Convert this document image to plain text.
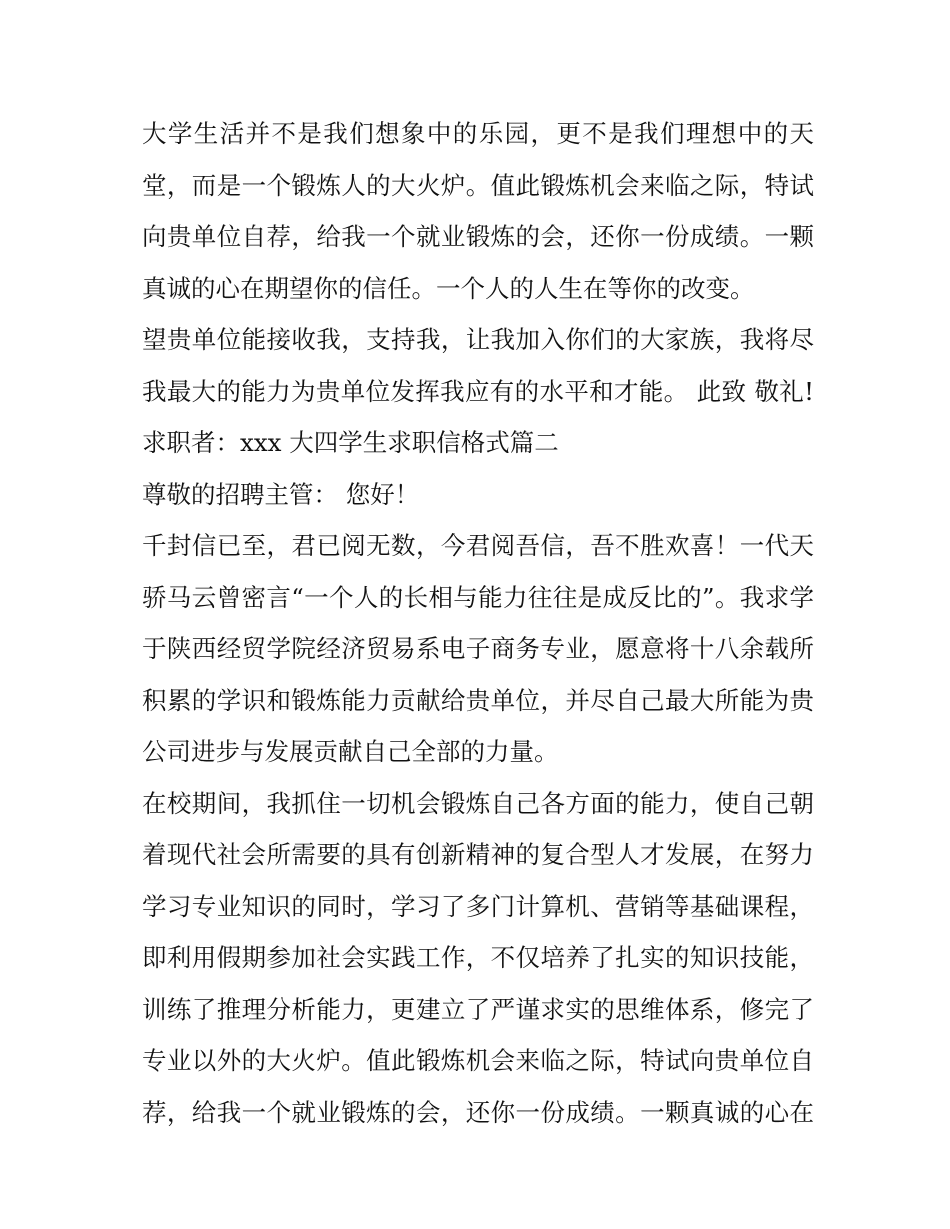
大学生活并不是我们想象中的乐园，更不是我们理想中的天
堂，而是一个锻炼人的大火炉。值此锻炼机会来临之际，特试
向贵单位自荐，给我一个就业锻炼的会，还你一份成绩。一颗
真诚的心在期望你的信任。一个人的人生在等你的改变。
望贵单位能接收我，支持我，让我加入你们的大家族，我将尽
我最大的能力为贵单位发挥我应有的水平和才能。 此致 敬礼!
求职者：xxx 大四学生求职信格式篇二
尊敬的招聘主管： 您好！
千封信已至，君已阅无数，今君阅吾信，吾不胜欢喜！一代天
骄马云曾密言“一个人的长相与能力往往是成反比的”。我求学
于陕西经贸学院经济贸易系电子商务专业，愿意将十八余载所
积累的学识和锻炼能力贡献给贵单位，并尽自己最大所能为贵
公司进步与发展贡献自己全部的力量。
在校期间，我抓住一切机会锻炼自己各方面的能力，使自己朝
着现代社会所需要的具有创新精神的复合型人才发展，在努力
学习专业知识的同时，学习了多门计算机、营销等基础课程，
即利用假期参加社会实践工作，不仅培养了扎实的知识技能，
训练了推理分析能力，更建立了严谨求实的思维体系，修完了
专业以外的大火炉。值此锻炼机会来临之际，特试向贵单位自
荐，给我一个就业锻炼的会，还你一份成绩。一颗真诚的心在
